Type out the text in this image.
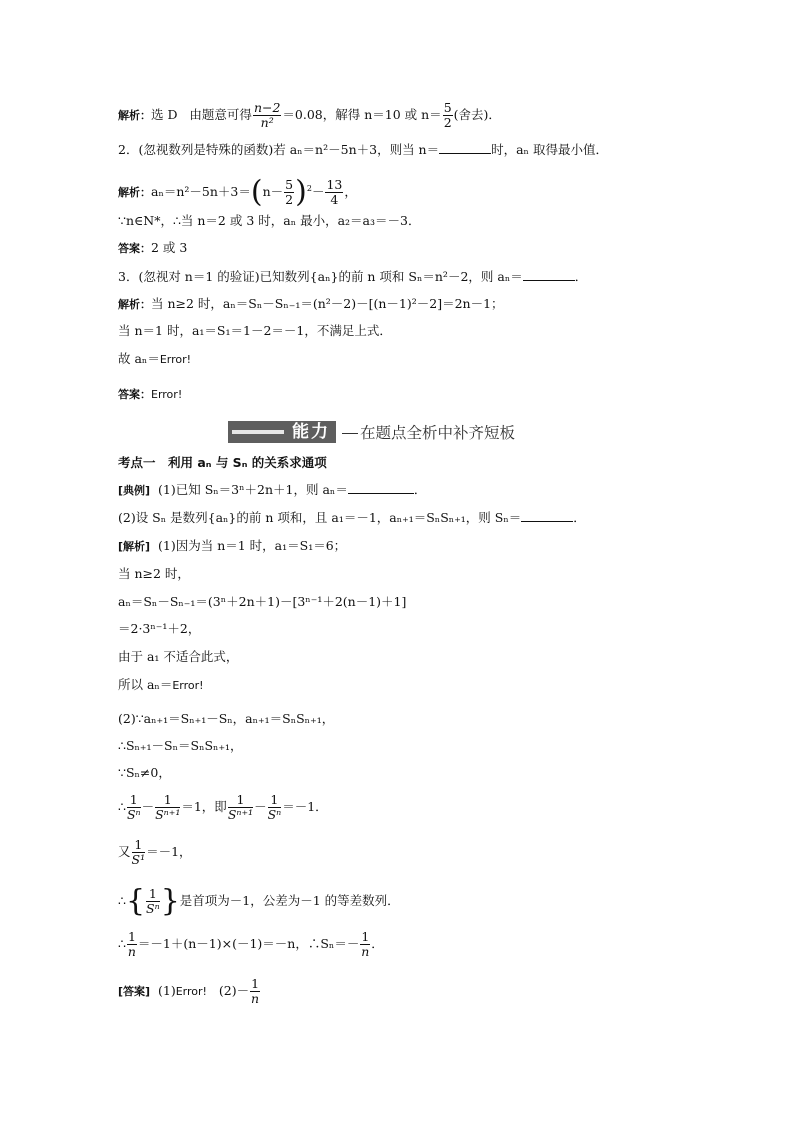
解析：选 D 由题意可得 $\frac{n-2}{\text{n²}} =0.08$，解得 n＝10 或 $n= \frac{5}{2}$ (舍去)．
2．(忽视数列是特殊的函数)若 aₙ＝n²－5n＋3，则当 n＝	时，aₙ 取得最小值．
解析：$a_n=n^2-5n+3=(n- \frac{5}{2} )^2- \frac{13}{4}$ ，
∵n∈N*，∴当 n＝2 或 3 时，aₙ 最小，a₂＝a₃＝－3．
答案：2 或 3
3．(忽视对 n＝1 的验证)已知数列{aₙ}的前 n 项和 Sₙ＝n²－2，则 aₙ＝	．
解析：当 n≥2 时，aₙ＝Sₙ－Sₙ₋₁＝(n²－2)－[(n－1)²－2]＝2n－1；
当 n＝1 时，a₁＝S₁＝1－2＝－1，不满足上式．
故 aₙ＝Error!
答案：Error!
能力	在题点全析中补齐短板
考点一　利用 aₙ 与 Sₙ 的关系求通项
[典例] (1)已知 Sₙ＝3ⁿ＋2n＋1，则 aₙ＝	．
(2)设 Sₙ 是数列{aₙ}的前 n 项和，且 a₁＝－1，aₙ₊₁＝SₙSₙ₊₁，则 Sₙ＝	．
[解析] (1)因为当 n＝1 时，a₁＝S₁＝6；
当 n≥2 时，
aₙ＝Sₙ－Sₙ₋₁＝(3ⁿ＋2n＋1)－[3ⁿ⁻¹＋2(n－1)＋1]
＝2·3ⁿ⁻¹＋2，
由于 a₁ 不适合此式，
所以 aₙ＝Error!
(2)∵aₙ₊₁＝Sₙ₊₁－Sₙ，aₙ₊₁＝SₙSₙ₊₁，
∴Sₙ₊₁－Sₙ＝SₙSₙ₊₁，
∵Sₙ≠0，
∴ $\frac{1}{\text{Sⁿ}} - \frac{1}{\text{Sⁿ⁺¹}} =1$，即 $\frac{1}{\text{Sⁿ⁺¹}} - \frac{1}{\text{Sⁿ}} =-1$．
又 $\frac{1}{\text{S¹}} =-1$，
∴{ $\frac{1}{\text{Sⁿ}}$ }是首项为－1，公差为－1 的等差数列．
∴ $\frac{1}{n} =-1+(n-1)\times(-1)=-n$，∴Sₙ＝－ $\frac{1}{n}$ ．
[答案] (1)Error! $(2)- \frac{1}{n}$
